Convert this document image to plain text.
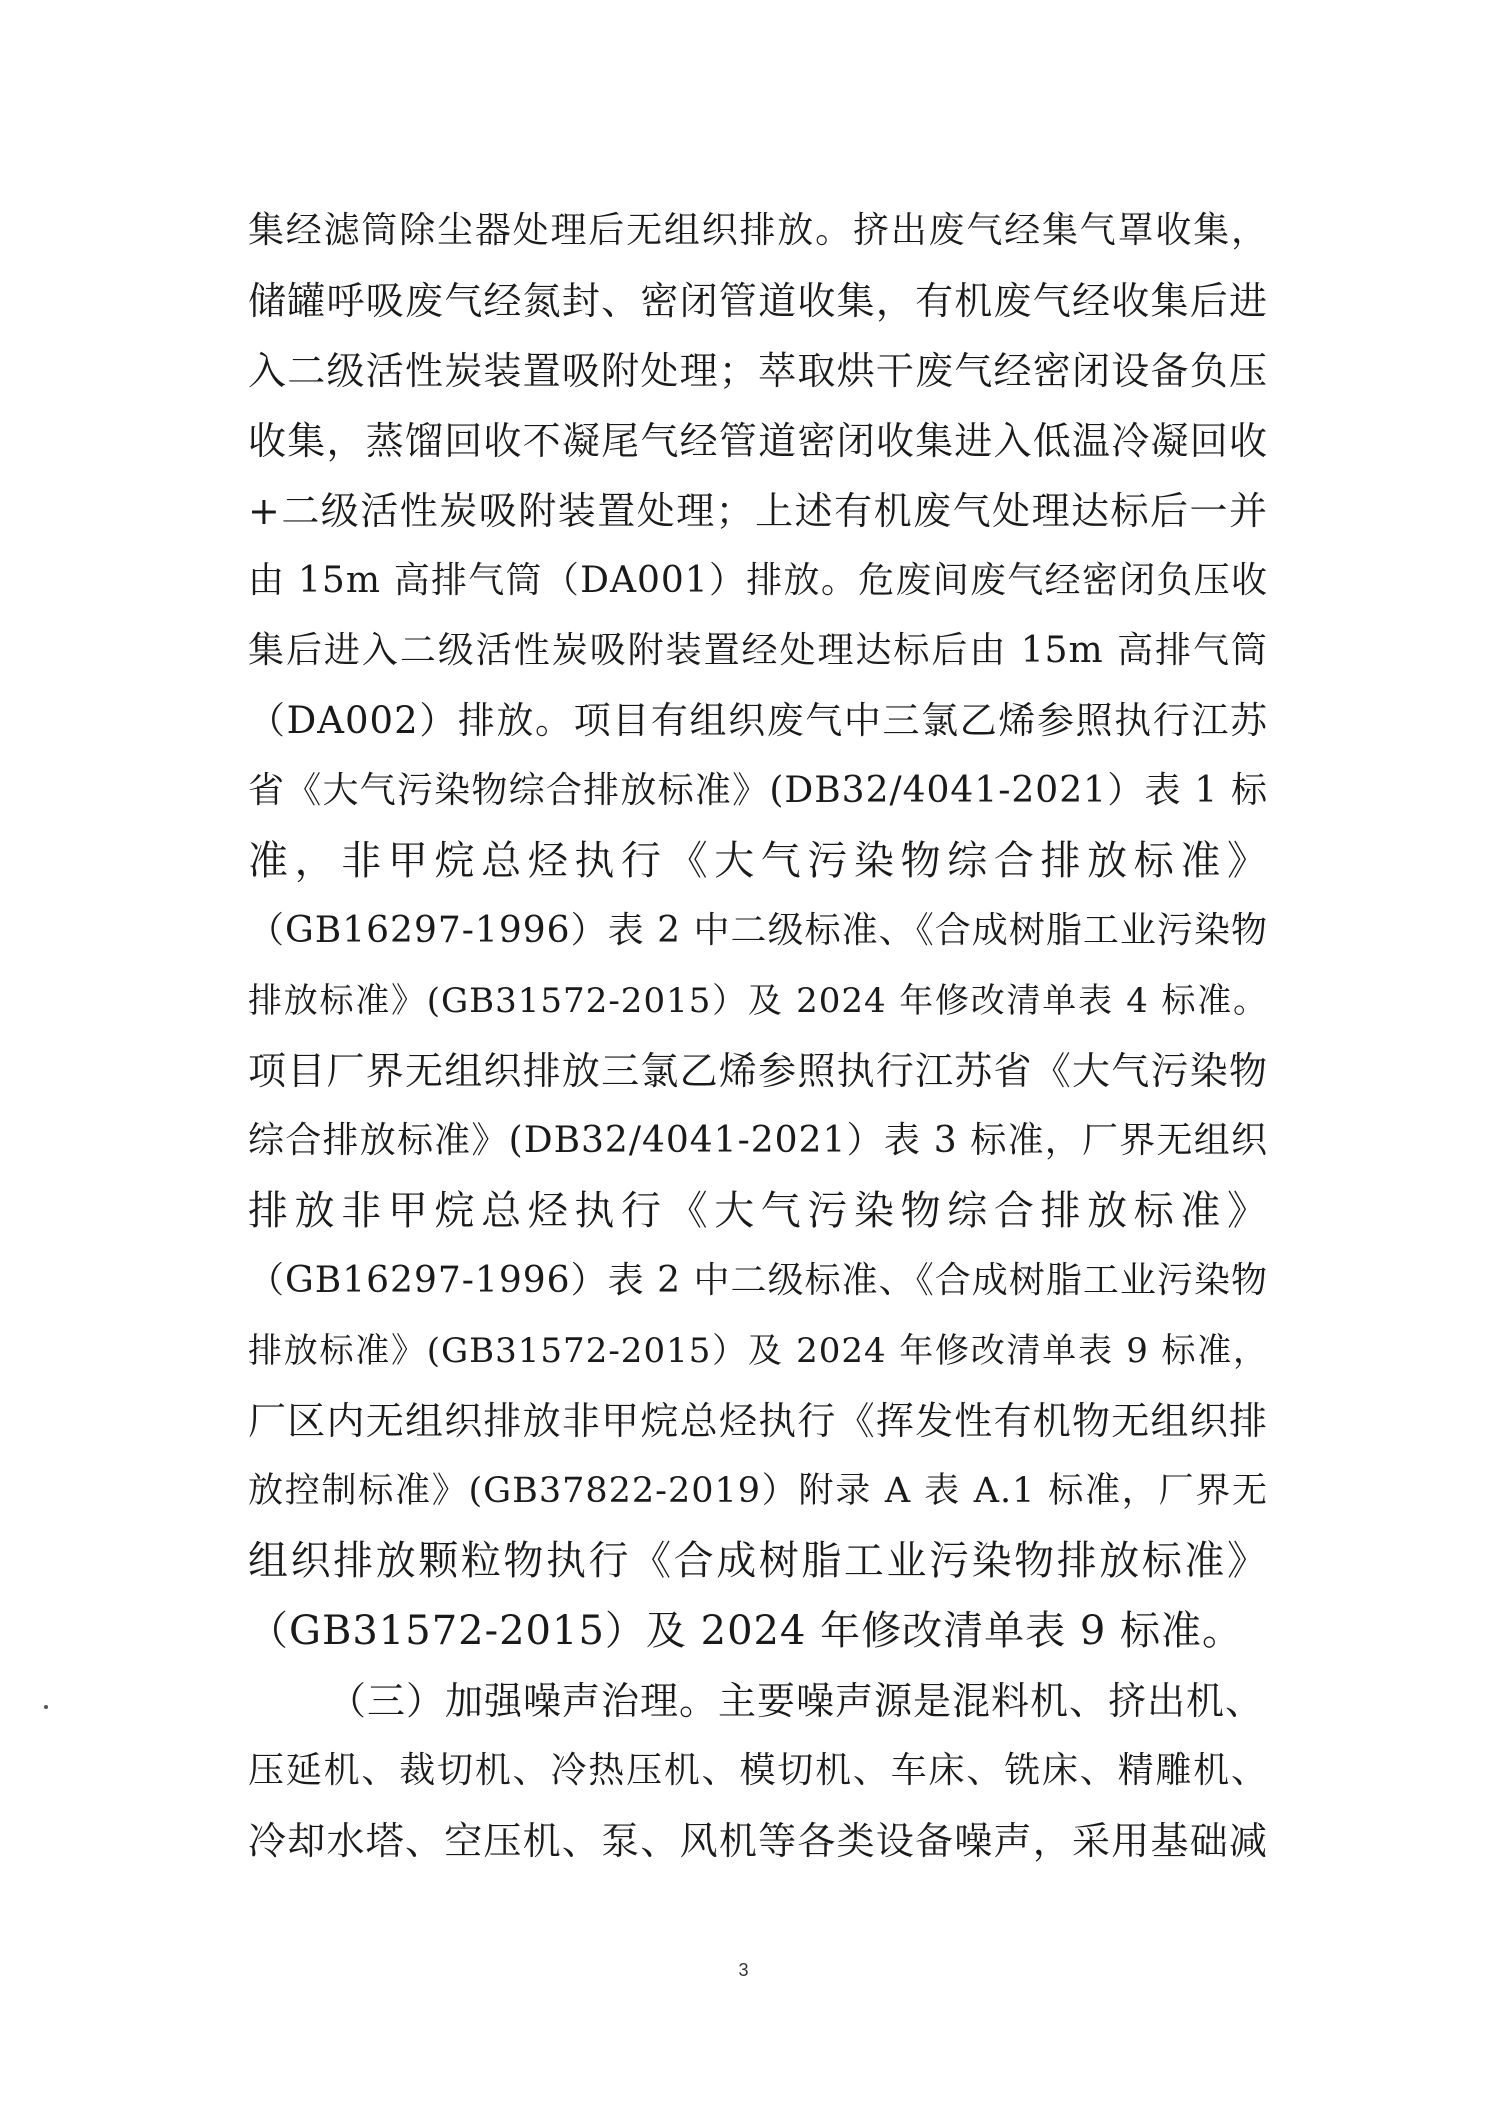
集经滤筒除尘器处理后无组织排放。挤出废气经集气罩收集，
储罐呼吸废气经氮封、密闭管道收集，有机废气经收集后进
入二级活性炭装置吸附处理；萃取烘干废气经密闭设备负压
收集，蒸馏回收不凝尾气经管道密闭收集进入低温冷凝回收
+二级活性炭吸附装置处理；上述有机废气处理达标后一并
由 15m 高排气筒（DA001）排放。危废间废气经密闭负压收
集后进入二级活性炭吸附装置经处理达标后由 15m 高排气筒
（DA002）排放。项目有组织废气中三氯乙烯参照执行江苏
省《大气污染物综合排放标准》(DB32/4041-2021）表 1 标
准，非甲烷总烃执行《大气污染物综合排放标准》
（GB16297-1996）表 2 中二级标准、《合成树脂工业污染物
排放标准》(GB31572-2015）及 2024 年修改清单表 4 标准。
项目厂界无组织排放三氯乙烯参照执行江苏省《大气污染物
综合排放标准》(DB32/4041-2021）表 3 标准，厂界无组织
排放非甲烷总烃执行《大气污染物综合排放标准》
（GB16297-1996）表 2 中二级标准、《合成树脂工业污染物
排放标准》(GB31572-2015）及 2024 年修改清单表 9 标准，
厂区内无组织排放非甲烷总烃执行《挥发性有机物无组织排
放控制标准》(GB37822-2019）附录 A 表 A.1 标准，厂界无
组织排放颗粒物执行《合成树脂工业污染物排放标准》
（GB31572-2015）及 2024 年修改清单表 9 标准。
（三）加强噪声治理。主要噪声源是混料机、挤出机、
压延机、裁切机、冷热压机、模切机、车床、铣床、精雕机、
冷却水塔、空压机、泵、风机等各类设备噪声，采用基础减
3
